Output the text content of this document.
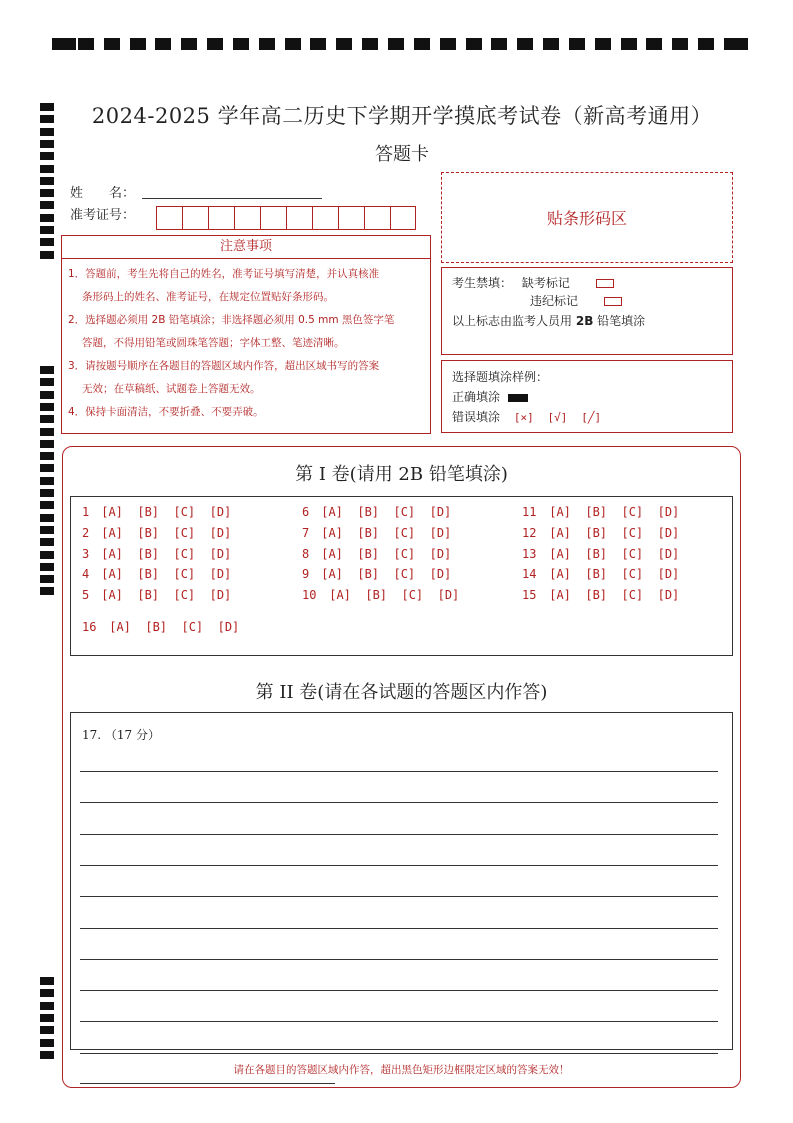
2024-2025 学年高二历史下学期开学摸底考试卷（新高考通用）
答题卡
姓　　名：
准考证号：	贴条形码区
注意事项
1．答题前，考生先将自己的姓名，准考证号填写清楚，并认真核准
条形码上的姓名、准考证号，在规定位置贴好条形码。
2．选择题必须用 2B 铅笔填涂；非选择题必须用 0.5 mm 黑色签字笔
答题，不得用铅笔或圆珠笔答题；字体工整、笔迹清晰。
3．请按题号顺序在各题目的答题区域内作答，超出区域书写的答案
无效；在草稿纸、试题卷上答题无效。
4．保持卡面清洁，不要折叠、不要弄破。
考生禁填： 缺考标记
违纪标记
以上标志由监考人员用 2B 铅笔填涂
选择题填涂样例：
正确填涂
错误填涂 [×] [√] [╱]
第 I 卷(请用 2B 铅笔填涂)
1 [A]  [B]  [C]  [D]
2 [A]  [B]  [C]  [D]
3 [A]  [B]  [C]  [D]
4 [A]  [B]  [C]  [D]
5 [A]  [B]  [C]  [D]
6 [A]  [B]  [C]  [D]
7 [A]  [B]  [C]  [D]
8 [A]  [B]  [C]  [D]
9 [A]  [B]  [C]  [D]
10 [A]  [B]  [C]  [D]
11 [A]  [B]  [C]  [D]
12 [A]  [B]  [C]  [D]
13 [A]  [B]  [C]  [D]
14 [A]  [B]  [C]  [D]
15 [A]  [B]  [C]  [D]
16 [A]  [B]  [C]  [D]
第 II 卷(请在各试题的答题区内作答)
17. （17 分）
请在各题目的答题区域内作答，超出黑色矩形边框限定区域的答案无效！
